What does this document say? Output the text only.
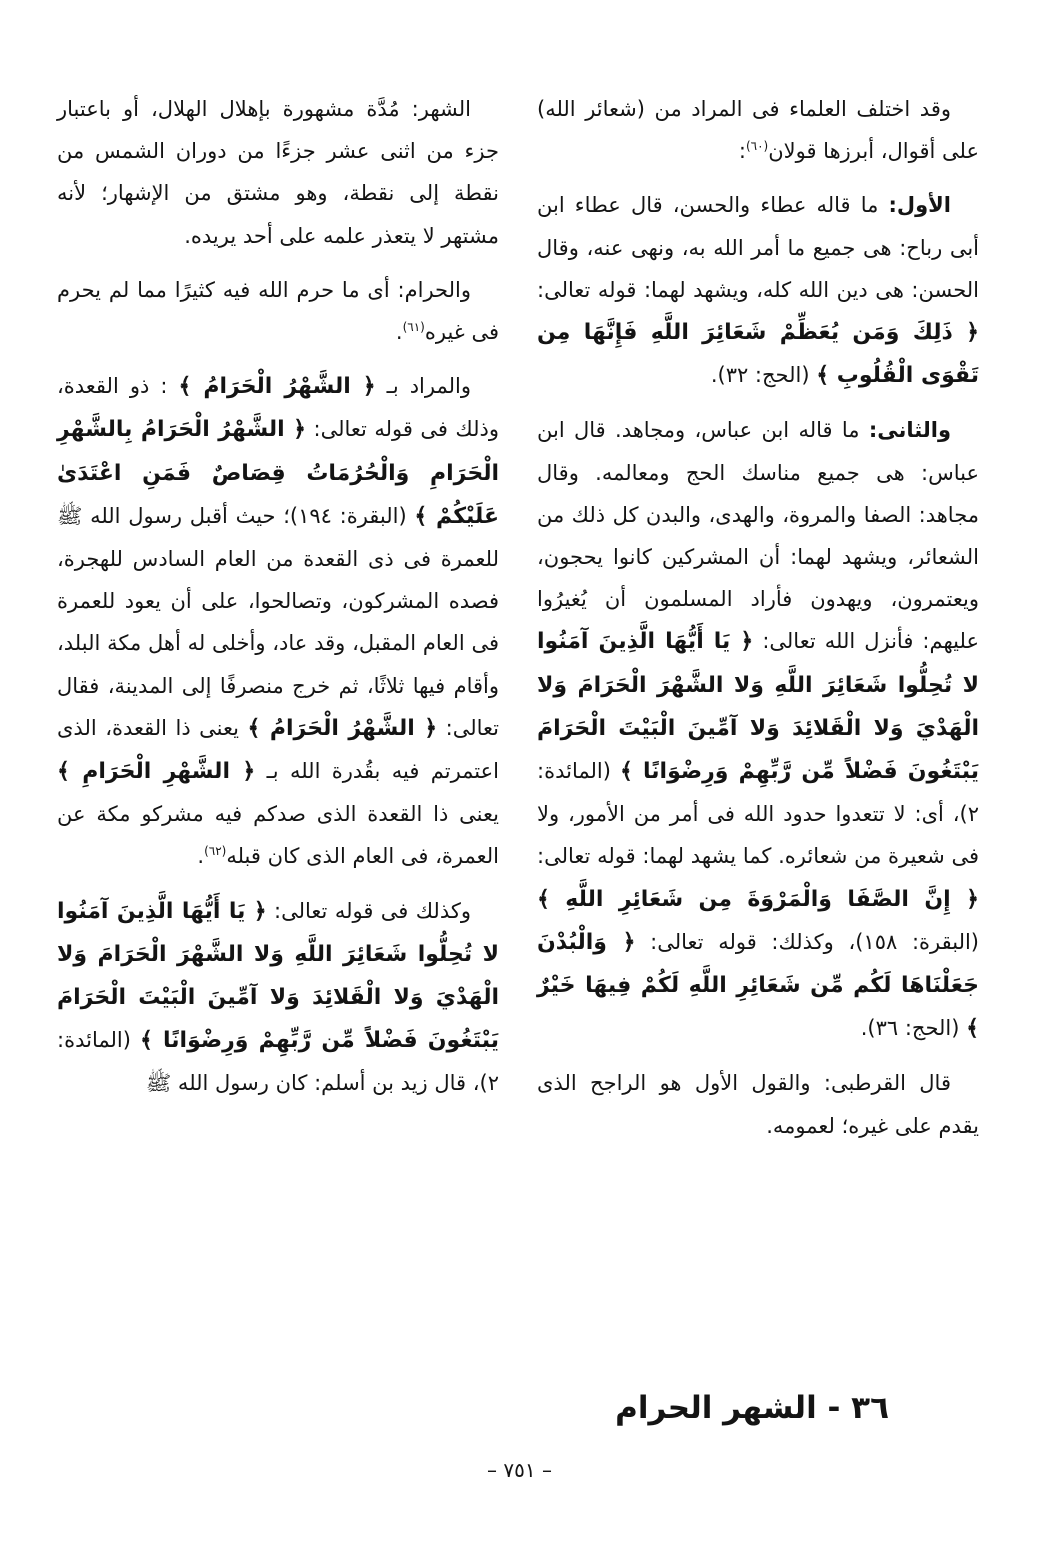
وقد اختلف العلماء فى المراد من (شعائر الله) على أقوال، أبرزها قولان$^{(٦٠)}$:

الأول: ما قاله عطاء والحسن، قال عطاء ابن أبى رباح: هى جميع ما أمر الله به، ونهى عنه، وقال الحسن: هى دين الله كله، ويشهد لهما: قوله تعالى: ﴿ ذَلِكَ وَمَن يُعَظِّمْ شَعَائِرَ اللَّهِ فَإِنَّهَا مِن تَقْوَى الْقُلُوبِ ﴾ (الحج: ٣٢).

والثانى: ما قاله ابن عباس، ومجاهد. قال ابن عباس: هى جميع مناسك الحج ومعالمه. وقال مجاهد: الصفا والمروة، والهدى، والبدن كل ذلك من الشعائر، ويشهد لهما: أن المشركين كانوا يحجون، ويعتمرون، ويهدون فأراد المسلمون أن يُغيرُوا عليهم: فأنزل الله تعالى: ﴿ يَا أَيُّهَا الَّذِينَ آمَنُوا لا تُحِلُّوا شَعَائِرَ اللَّهِ وَلا الشَّهْرَ الْحَرَامَ وَلا الْهَدْيَ وَلا الْقَلائِدَ وَلا آمِّينَ الْبَيْتَ الْحَرَامَ يَبْتَغُونَ فَضْلاً مِّن رَّبِّهِمْ وَرِضْوَانًا ﴾ (المائدة: ٢)، أى: لا تتعدوا حدود الله فى أمر من الأمور، ولا فى شعيرة من شعائره. كما يشهد لهما: قوله تعالى: ﴿ إِنَّ الصَّفَا وَالْمَرْوَةَ مِن شَعَائِرِ اللَّهِ ﴾ (البقرة: ١٥٨)، وكذلك: قوله تعالى: ﴿ وَالْبُدْنَ جَعَلْنَاهَا لَكُم مِّن شَعَائِرِ اللَّهِ لَكُمْ فِيهَا خَيْرٌ ﴾ (الحج: ٣٦).

قال القرطبى: والقول الأول هو الراجح الذى يقدم على غيره؛ لعمومه.

الشهر: مُدَّة مشهورة بإهلال الهلال، أو باعتبار جزء من اثنى عشر جزءًا من دوران الشمس من نقطة إلى نقطة، وهو مشتق من الإشهار؛ لأنه مشتهر لا يتعذر علمه على أحد يريده.

والحرام: أى ما حرم الله فيه كثيرًا مما لم يحرم فى غيره$^{(٦١)}$.

والمراد بـ ﴿ الشَّهْرُ الْحَرَامُ ﴾ : ذو القعدة، وذلك فى قوله تعالى: ﴿ الشَّهْرُ الْحَرَامُ بِالشَّهْرِ الْحَرَامِ وَالْحُرُمَاتُ قِصَاصٌ فَمَنِ اعْتَدَىٰ عَلَيْكُمْ ﴾ (البقرة: ١٩٤)؛ حيث أقبل رسول الله ﷺ للعمرة فى ذى القعدة من العام السادس للهجرة، فصده المشركون، وتصالحوا، على أن يعود للعمرة فى العام المقبل، وقد عاد، وأخلى له أهل مكة البلد، وأقام فيها ثلاثًا، ثم خرج منصرفًا إلى المدينة، فقال تعالى: ﴿ الشَّهْرُ الْحَرَامُ ﴾ يعنى ذا القعدة، الذى اعتمرتم فيه بقُدرة الله بـ ﴿ الشَّهْرِ الْحَرَامِ ﴾ يعنى ذا القعدة الذى صدكم فيه مشركو مكة عن العمرة، فى العام الذى كان قبله$^{(٦٢)}$.

وكذلك فى قوله تعالى: ﴿ يَا أَيُّهَا الَّذِينَ آمَنُوا لا تُحِلُّوا شَعَائِرَ اللَّهِ وَلا الشَّهْرَ الْحَرَامَ وَلا الْهَدْيَ وَلا الْقَلائِدَ وَلا آمِّينَ الْبَيْتَ الْحَرَامَ يَبْتَغُونَ فَضْلاً مِّن رَّبِّهِمْ وَرِضْوَانًا ﴾ (المائدة: ٢)، قال زيد بن أسلم: كان رسول الله ﷺ

٣٦ - الشهر الحرام
– ٧٥١ –
